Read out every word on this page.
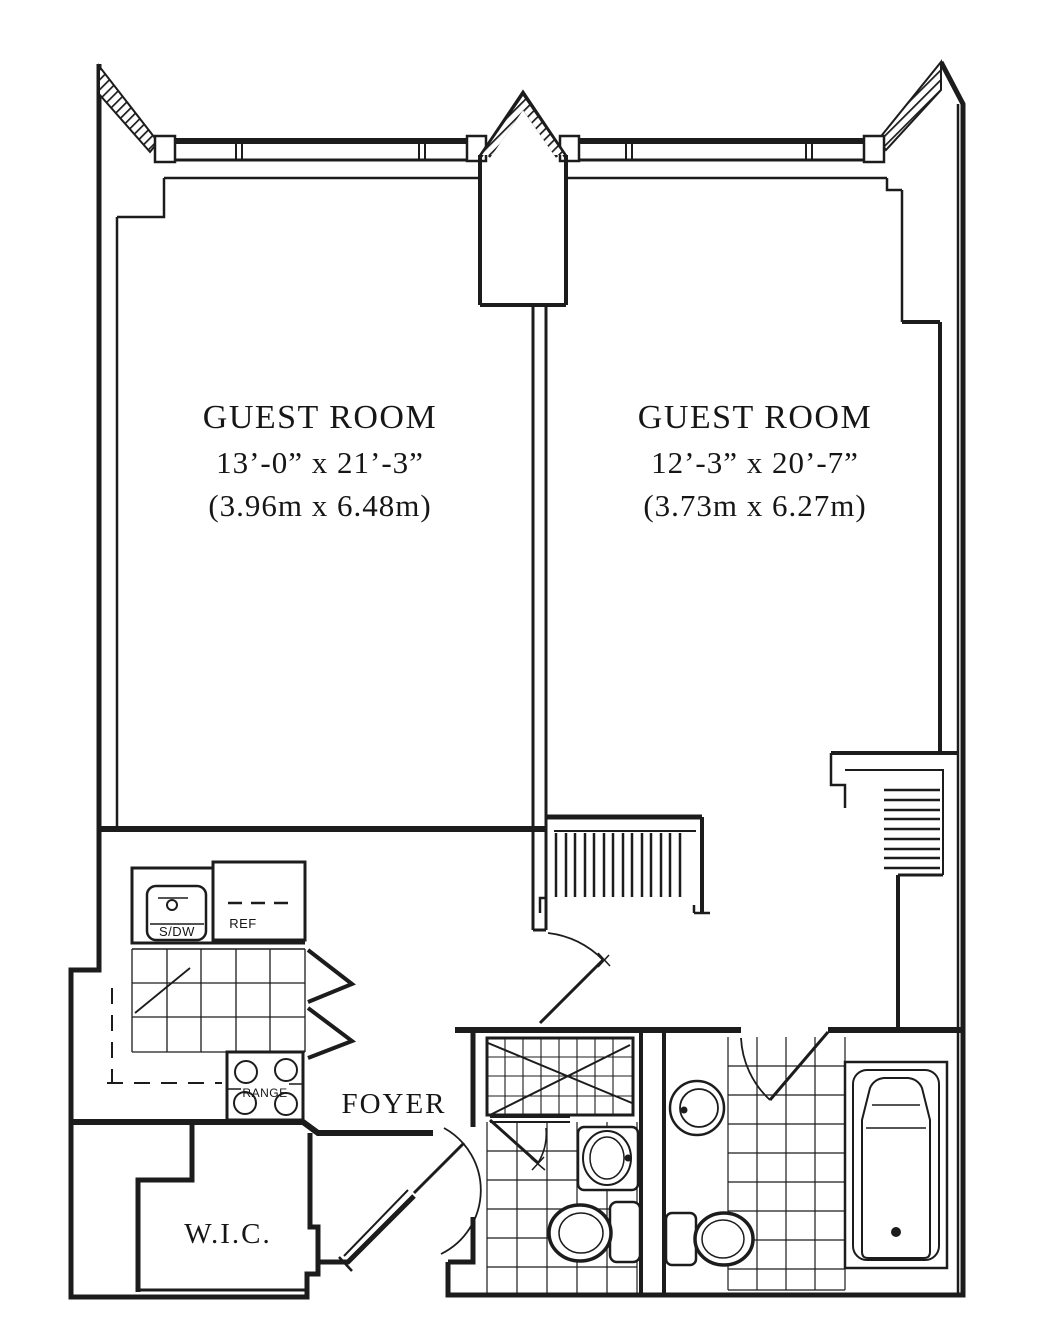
GUEST ROOM
13’-0” x 21’-3”
(3.96m x 6.48m)
GUEST ROOM
12’-3” x 20’-7”
(3.73m x 6.27m)
FOYER
W.I.C.
S/DW
REF
RANGE
